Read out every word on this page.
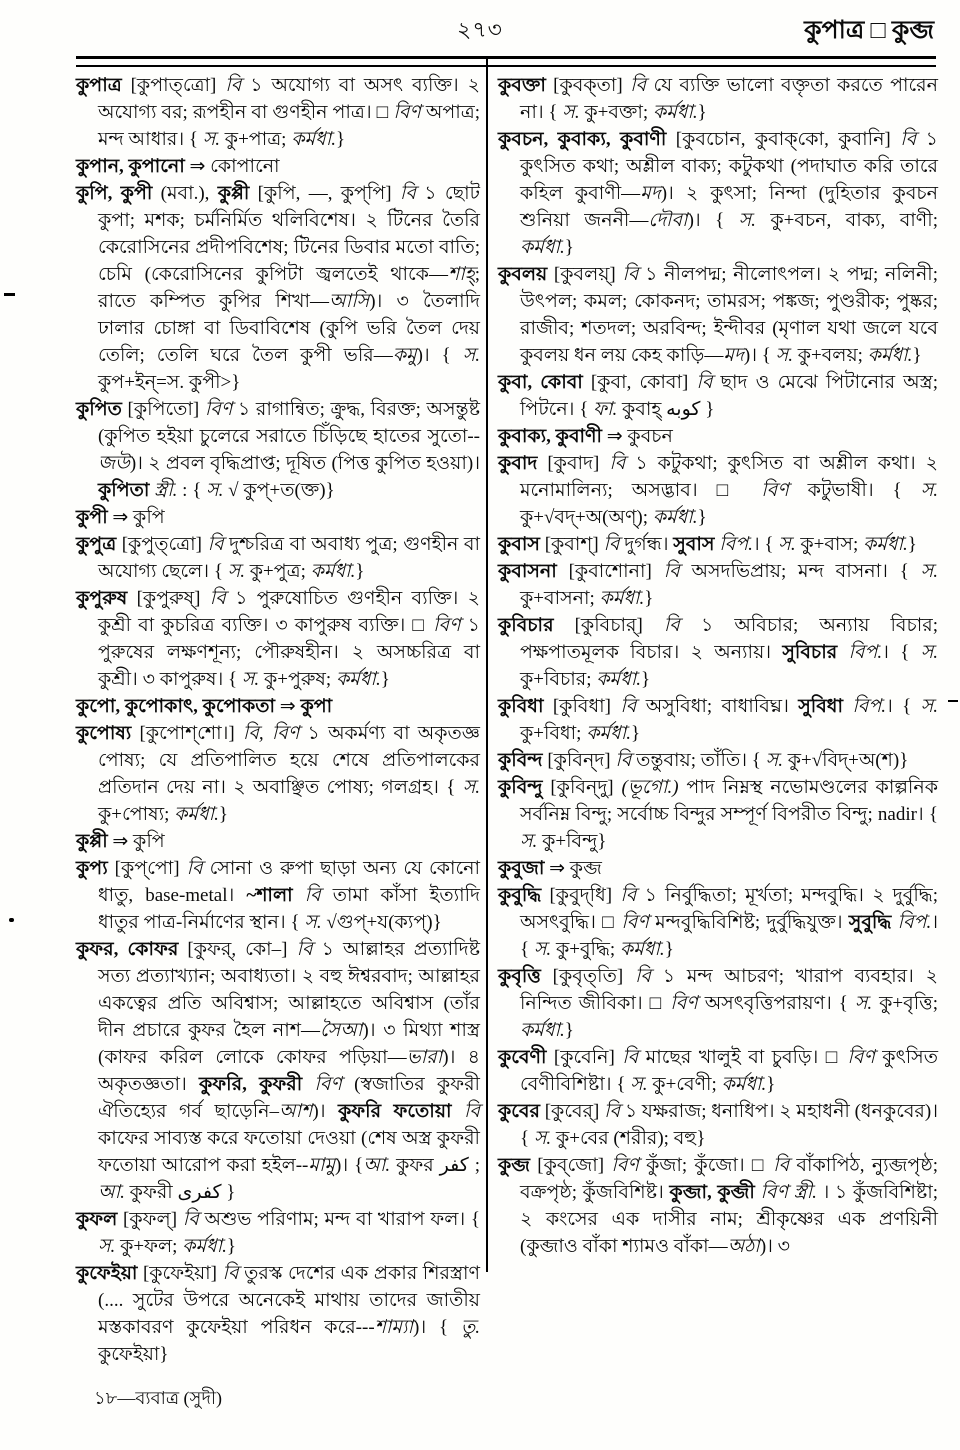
২৭৩	কুপাত্র □ কুব্জ

কুপাত্র [কুপাত্‌ত্রো] বি ১ অযোগ্য বা অসৎ ব্যক্তি। ২ অযোগ্য বর; রূপহীন বা গুণহীন পাত্র। □ বিণ অপাত্র; মন্দ আধার। { স. কু+পাত্র; কর্মধা.}

কুপান, কুপানো ⇒ কোপানো

কুপি, কুপী (মবা.), কুপ্পী [কুপি, —, কুপ্‌পি] বি ১ ছোট কুপা; মশক; চর্মনির্মিত থলিবিশেষ। ২ টিনের তৈরি কেরোসিনের প্রদীপবিশেষ; টিনের ডিবার মতো বাতি; চেমি (কেরোসিনের কুপিটা জ্বলতেই থাকে—শাহ্; রাতে কম্পিত কুপির শিখা—আসি)। ৩ তৈলাদি ঢালার চোঙ্গা বা ডিবাবিশেষ (কুপি ভরি তৈল দেয় তেলি; তেলি ঘরে তৈল কুপী ভরি—কমু)। { স. কুপ+ইন্=স. কুপী>}

কুপিত [কুপিতো] বিণ ১ রাগান্বিত; ক্রুদ্ধ, বিরক্ত; অসন্তুষ্ট (কুপিত হইয়া চুলেরে সরাতে চিঁড়িছে হাতের সুতো--জউ)। ২ প্রবল বৃদ্ধিপ্রাপ্ত; দূষিত (পিত্ত কুপিত হওয়া)। কুপিতা স্ত্রী. : { স. √ কুপ্+ত(ক্ত)}

কুপী ⇒ কুপি

কুপুত্র [কুপুত্‌ত্রো] বি দুশ্চরিত্র বা অবাধ্য পুত্র; গুণহীন বা অযোগ্য ছেলে। { স. কু+পুত্র; কর্মধা.}

কুপুরুষ [কুপুরুষ্] বি ১ পুরুষোচিত গুণহীন ব্যক্তি। ২ কুশ্রী বা কুচরিত্র ব্যক্তি। ৩ কাপুরুষ ব্যক্তি। □ বিণ ১ পুরুষের লক্ষণশূন্য; পৌরুষহীন। ২ অসচ্চরিত্র বা কুশ্রী। ৩ কাপুরুষ। { স. কু+পুরুষ; কর্মধা.}

কুপো, কুপোকাৎ, কুপোকতা ⇒ কুপা

কুপোষ্য [কুপোশ্‌শো।] বি, বিণ ১ অকর্মণ্য বা অকৃতজ্ঞ পোষ্য; যে প্রতিপালিত হয়ে শেষে প্রতিপালকের প্রতিদান দেয় না। ২ অবাঞ্ছিত পোষ্য; গলগ্রহ। { স. কু+পোষ্য; কর্মধা.}

কুপ্পী ⇒ কুপি

কুপ্য [কুপ্‌পো] বি সোনা ও রুপা ছাড়া অন্য যে কোনো ধাতু, base-metal। ~শালা বি তামা কাঁসা ইত্যাদি ধাতুর পাত্র-নির্মাণের স্থান। { স. √গুপ্+য(ক্যপ্)}

কুফর, কোফর [কুফর্, কো–] বি ১ আল্লাহর প্রত্যাদিষ্ট সত্য প্রত্যাখ্যান; অবাধ্যতা। ২ বহু ঈশ্বরবাদ; আল্লাহর একত্বের প্রতি অবিশ্বাস; আল্লাহতে অবিশ্বাস (তাঁর দীন প্রচারে কুফর হৈল নাশ—সৈআ)। ৩ মিথ্যা শাস্ত্র (কাফর করিল লোকে কোফর পড়িয়া—ভারা)। ৪ অকৃতজ্ঞতা। কুফরি, কুফরী বিণ (স্বজাতির কুফরী ঐতিহ্যের গর্ব ছাড়েনি–আশ)। কুফরি ফতোয়া বি কাফের সাব্যস্ত করে ফতোয়া দেওয়া (শেষ অস্ত্র কুফরী ফতোয়া আরোপ করা হইল--মামু)। {আ. কুফর كفر ; আ. কুফরী كفرى }

কুফল [কুফল্] বি অশুভ পরিণাম; মন্দ বা খারাপ ফল। { স. কু+ফল; কর্মধা.}

কুফেইয়া [কুফেইয়া] বি তুরস্ক দেশের এক প্রকার শিরস্ত্রাণ (.... সুটের উপরে অনেকেই মাথায় তাদের জাতীয় মস্তকাবরণ কুফেইয়া পরিধন করে---শাম্যা)। { তু. কুফেইয়া}

কুবক্তা [কুবক্‌তা] বি যে ব্যক্তি ভালো বক্তৃতা করতে পারেন না। { স. কু+বক্তা; কর্মধা.}

কুবচন, কুবাক্য, কুবাণী [কুবচোন, কুবাক্‌কো, কুবানি] বি ১ কুৎসিত কথা; অশ্লীল বাক্য; কটুকথা (পদাঘাত করি তারে কহিল কুবাণী—মদ)। ২ কুৎসা; নিন্দা (দুহিতার কুবচন শুনিয়া জননী—দৌবা)। { স. কু+বচন, বাক্য, বাণী; কর্মধা.}

কুবলয় [কুবলয়্] বি ১ নীলপদ্ম; নীলোৎপল। ২ পদ্ম; নলিনী; উৎপল; কমল; কোকনদ; তামরস; পঙ্কজ; পুণ্ডরীক; পুষ্কর; রাজীব; শতদল; অরবিন্দ; ইন্দীবর (মৃণাল যথা জলে যবে কুবলয় ধন লয় কেহ কাড়ি—মদ)। { স. কু+বলয়; কর্মধা.}

কুবা, কোবা [কুবা, কোবা] বি ছাদ ও মেঝে পিটানোর অস্ত্র; পিটনে। { ফা. কুবাহ্ كوبه }

কুবাক্য, কুবাণী ⇒ কুবচন

কুবাদ [কুবাদ] বি ১ কটুকথা; কুৎসিত বা অশ্লীল কথা। ২ মনোমালিন্য; অসদ্ভাব। □ বিণ কটুভাষী। { স. কু+√বদ্+অ(অণ্); কর্মধা.}

কুবাস [কুবাশ্] বি দুর্গন্ধ। সুবাস বিপ.। { স. কু+বাস; কর্মধা.}

কুবাসনা [কুবাশোনা] বি অসদভিপ্রায়; মন্দ বাসনা। { স. কু+বাসনা; কর্মধা.}

কুবিচার [কুবিচার্] বি ১ অবিচার; অন্যায় বিচার; পক্ষপাতমূলক বিচার। ২ অন্যায়। সুবিচার বিপ.। { স. কু+বিচার; কর্মধা.}

কুবিধা [কুবিধা] বি অসুবিধা; বাধাবিঘ্ন। সুবিধা বিপ.। { স. কু+বিধা; কর্মধা.}

কুবিন্দ [কুবিন্‌দ] বি তন্তুবায়; তাঁতি। { স. কু+√বিদ্+অ(শ)}

কুবিন্দু [কুবিন্‌দু] (ভূগো.) পাদ নিম্নস্থ নভোমণ্ডলের কাল্পনিক সর্বনিম্ন বিন্দু; সর্বোচ্চ বিন্দুর সম্পূর্ণ বিপরীত বিন্দু; nadir। { স. কু+বিন্দু}

কুবুজা ⇒ কুব্জ

কুবুদ্ধি [কুবুদ্‌ধি] বি ১ নির্বুদ্ধিতা; মূর্খতা; মন্দবুদ্ধি। ২ দুর্বুদ্ধি; অসৎবুদ্ধি। □ বিণ মন্দবুদ্ধিবিশিষ্ট; দুর্বুদ্ধিযুক্ত। সুবুদ্ধি বিপ.। { স. কু+বুদ্ধি; কর্মধা.}

কুবৃত্তি [কুবৃত্‌তি] বি ১ মন্দ আচরণ; খারাপ ব্যবহার। ২ নিন্দিত জীবিকা। □ বিণ অসৎবৃত্তিপরায়ণ। { স. কু+বৃত্তি; কর্মধা.}

কুবেণী [কুবেনি] বি মাছের খালুই বা চুবড়ি। □ বিণ কুৎসিত বেণীবিশিষ্টা। { স. কু+বেণী; কর্মধা.}

কুবের [কুবের্] বি ১ যক্ষরাজ; ধনাধিপ। ২ মহাধনী (ধনকুবের)। { স. কু+বের (শরীর); বহু}

কুব্জ [কুব্‌জো] বিণ কুঁজা; কুঁজো। □ বি বাঁকাপিঠ, ন্যুব্জপৃষ্ঠ; বক্রপৃষ্ঠ; কুঁজবিশিষ্ট। কুব্জা, কুব্জী বিণ স্ত্রী. । ১ কুঁজবিশিষ্টা; ২ কংসের এক দাসীর নাম; শ্রীকৃষ্ণের এক প্রণয়িনী (কুব্জাও বাঁকা শ্যামও বাঁকা—অঠা)। ৩

১৮—ব্যবাত্র (সুদী)
